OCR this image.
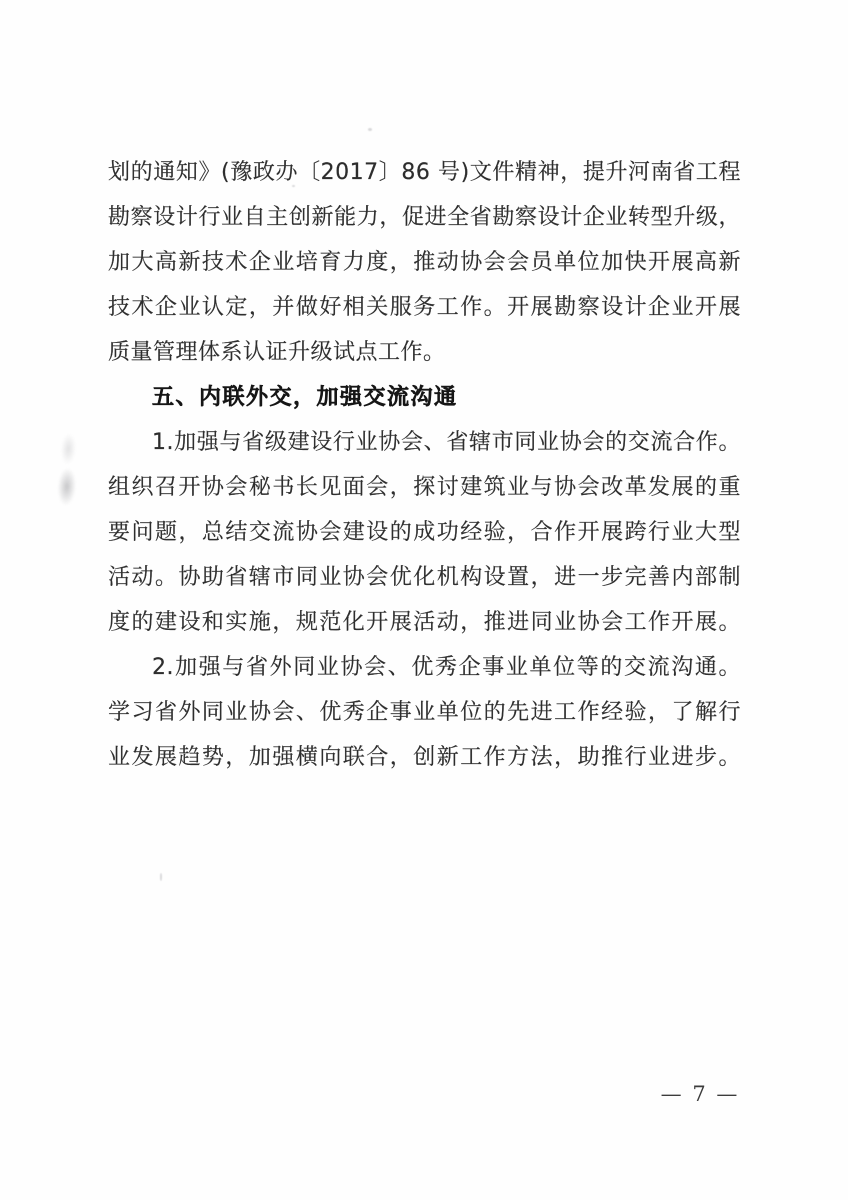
划的通知》(豫政办〔2017〕86 号)文件精神，提升河南省工程
勘察设计行业自主创新能力，促进全省勘察设计企业转型升级，
加大高新技术企业培育力度，推动协会会员单位加快开展高新
技术企业认定，并做好相关服务工作。开展勘察设计企业开展
质量管理体系认证升级试点工作。
五、内联外交，加强交流沟通
1.加强与省级建设行业协会、省辖市同业协会的交流合作。
组织召开协会秘书长见面会，探讨建筑业与协会改革发展的重
要问题，总结交流协会建设的成功经验，合作开展跨行业大型
活动。协助省辖市同业协会优化机构设置，进一步完善内部制
度的建设和实施，规范化开展活动，推进同业协会工作开展。
2.加强与省外同业协会、优秀企事业单位等的交流沟通。
学习省外同业协会、优秀企事业单位的先进工作经验，了解行
业发展趋势，加强横向联合，创新工作方法，助推行业进步。
— 7 —
